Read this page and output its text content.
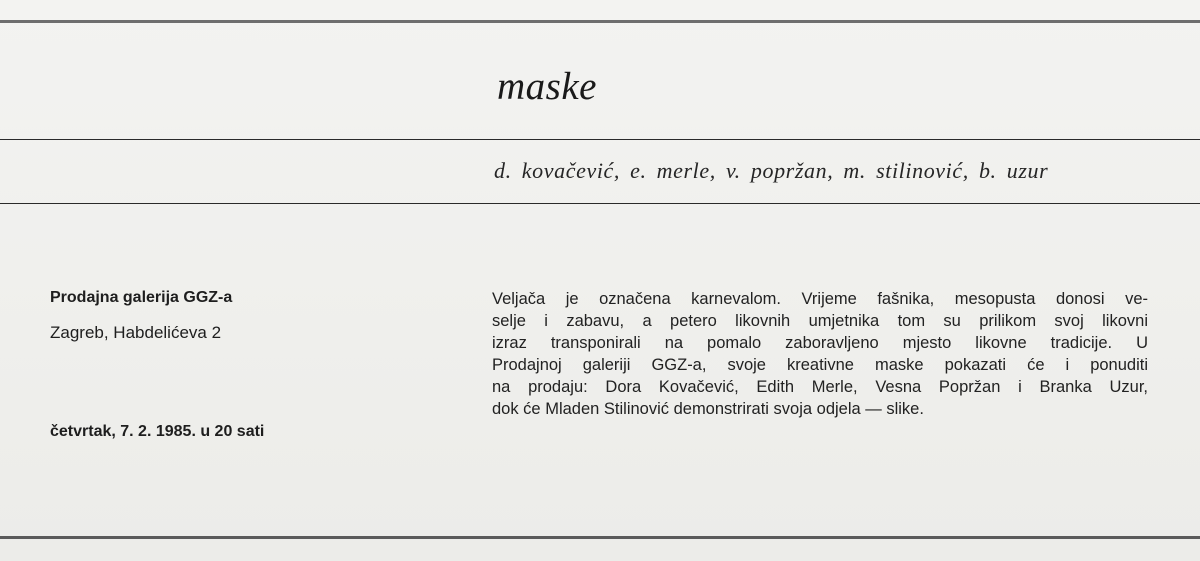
maske
d. kovačević, e. merle, v. popržan, m. stilinović, b. uzur
Prodajna galerija GGZ-a
Zagreb, Habdelićeva 2
četvrtak, 7. 2. 1985. u 20 sati
Veljača je označena karnevalom. Vrijeme fašnika, mesopusta donosi ve-
selje i zabavu, a petero likovnih umjetnika tom su prilikom svoj likovni
izraz transponirali na pomalo zaboravljeno mjesto likovne tradicije. U
Prodajnoj galeriji GGZ-a, svoje kreativne maske pokazati će i ponuditi
na prodaju: Dora Kovačević, Edith Merle, Vesna Popržan i Branka Uzur,
dok će Mladen Stilinović demonstrirati svoja odjela — slike.
